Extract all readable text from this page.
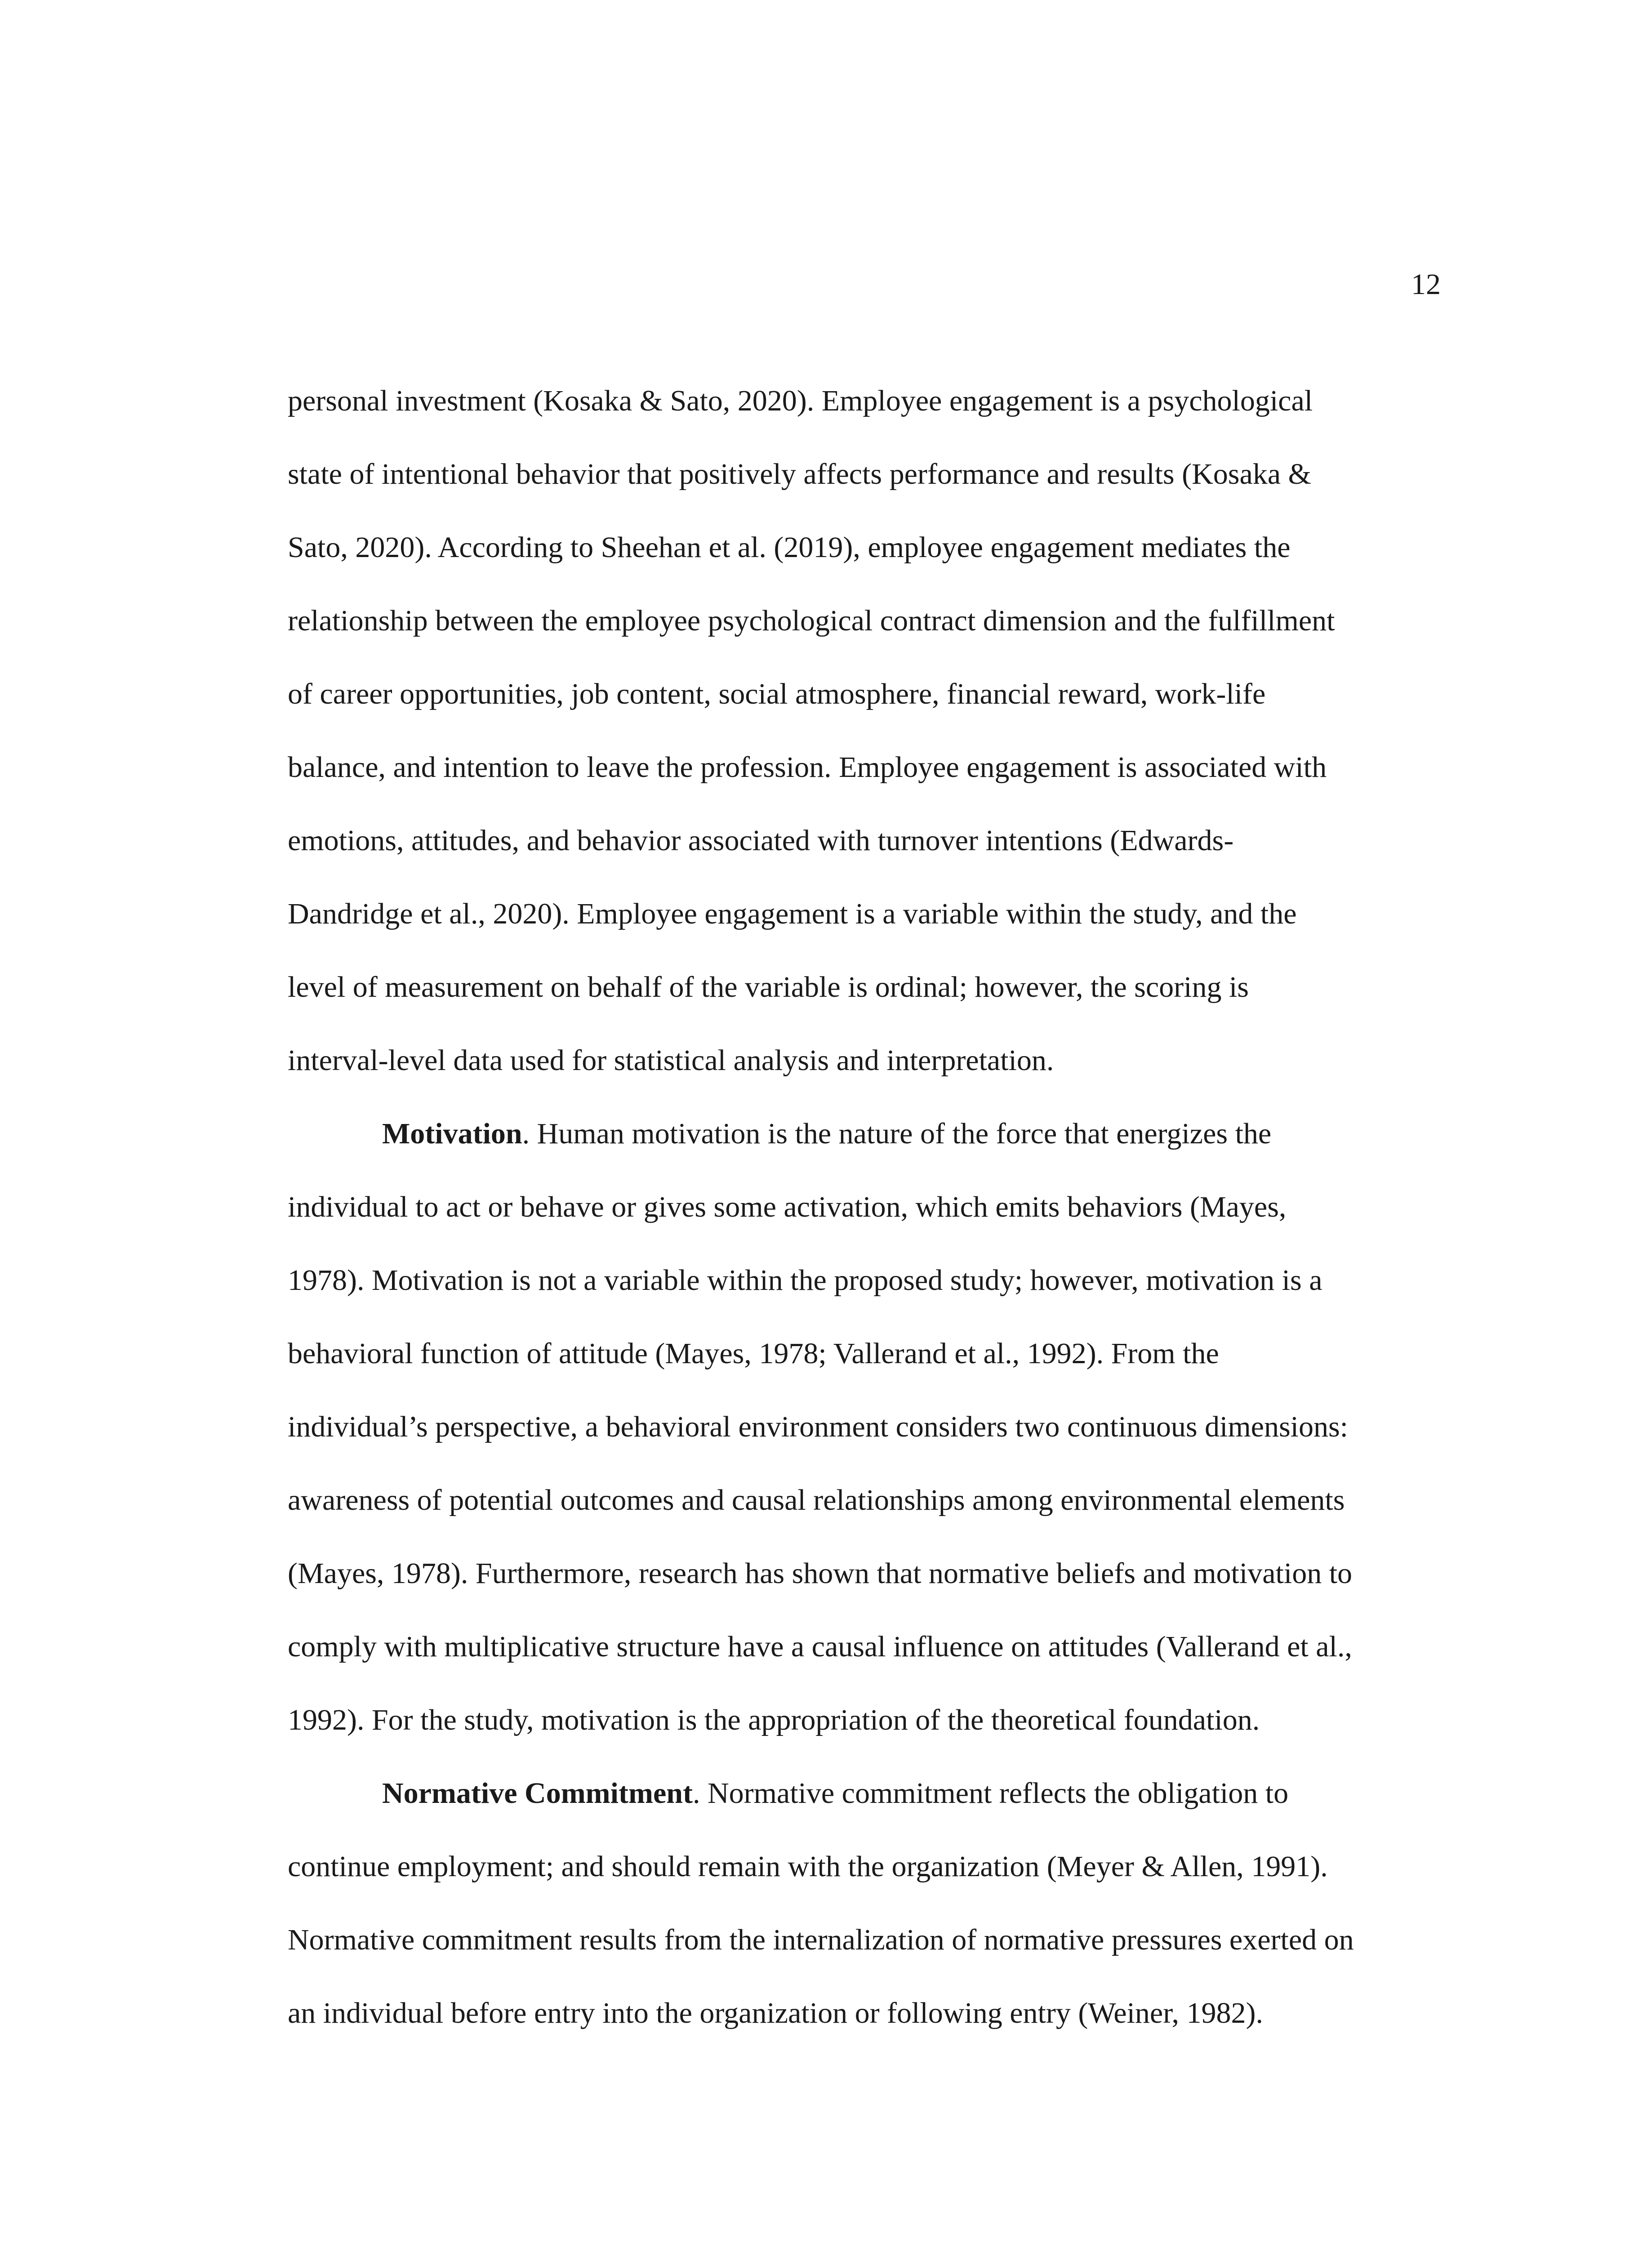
12
personal investment (Kosaka & Sato, 2020). Employee engagement is a psychological
state of intentional behavior that positively affects performance and results (Kosaka &
Sato, 2020). According to Sheehan et al. (2019), employee engagement mediates the
relationship between the employee psychological contract dimension and the fulfillment
of career opportunities, job content, social atmosphere, financial reward, work-life
balance, and intention to leave the profession. Employee engagement is associated with
emotions, attitudes, and behavior associated with turnover intentions (Edwards-
Dandridge et al., 2020). Employee engagement is a variable within the study, and the
level of measurement on behalf of the variable is ordinal; however, the scoring is
interval-level data used for statistical analysis and interpretation.
Motivation. Human motivation is the nature of the force that energizes the
individual to act or behave or gives some activation, which emits behaviors (Mayes,
1978). Motivation is not a variable within the proposed study; however, motivation is a
behavioral function of attitude (Mayes, 1978; Vallerand et al., 1992). From the
individual’s perspective, a behavioral environment considers two continuous dimensions:
awareness of potential outcomes and causal relationships among environmental elements
(Mayes, 1978). Furthermore, research has shown that normative beliefs and motivation to
comply with multiplicative structure have a causal influence on attitudes (Vallerand et al.,
1992). For the study, motivation is the appropriation of the theoretical foundation.
Normative Commitment. Normative commitment reflects the obligation to
continue employment; and should remain with the organization (Meyer & Allen, 1991).
Normative commitment results from the internalization of normative pressures exerted on
an individual before entry into the organization or following entry (Weiner, 1982).
